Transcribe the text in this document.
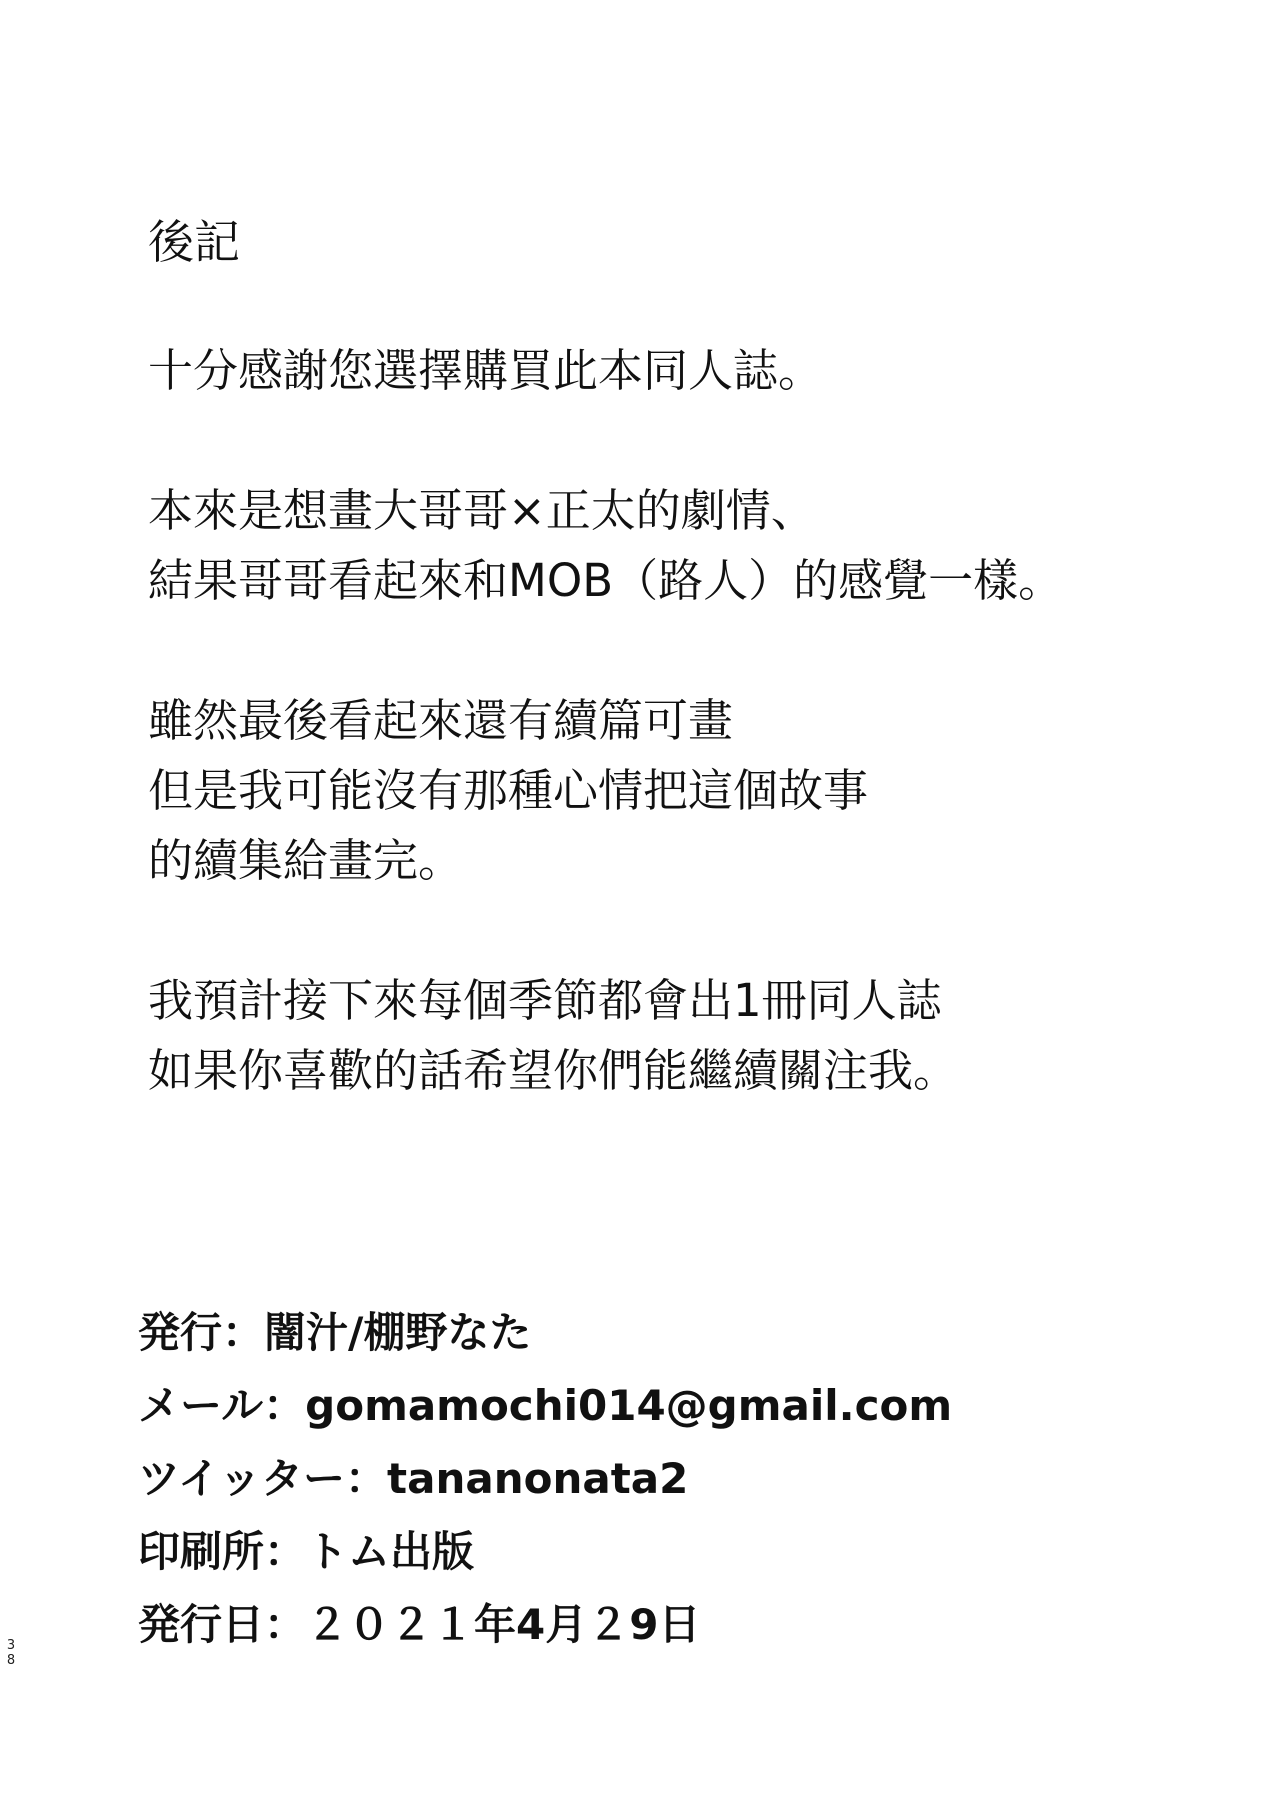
後記
十分感謝您選擇購買此本同人誌。
本來是想畫大哥哥×正太的劇情、
結果哥哥看起來和MOB（路人）的感覺一樣。
雖然最後看起來還有續篇可畫
但是我可能沒有那種心情把這個故事
的續集給畫完。
我預計接下來每個季節都會出1冊同人誌
如果你喜歡的話希望你們能繼續關注我。
発行：闇汁/棚野なた
メール：gomamochi014@gmail.com
ツイッター：tananonata2
印刷所：トム出版
発行日：２０２１年4月２9日
3
8
